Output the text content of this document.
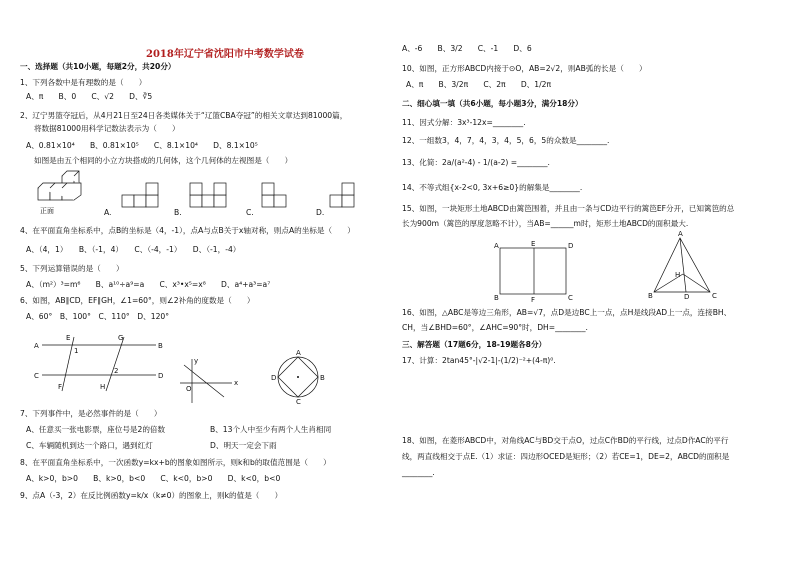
2018年辽宁省沈阳市中考数学试卷
一、选择题（共10小题，每题2分，共20分）
1、下列各数中是有理数的是（　　）
A、π　　B、0　　C、√2　　D、∛5
2、辽宁男篮夺冠后，从4月21日至24日各类媒体关于“辽篮CBA夺冠”的相关文章达到81000篇，
将数据81000用科学记数法表示为（　　）
A、0.81×10⁴　　B、0.81×10⁵　　C、8.1×10⁴　　D、8.1×10⁵
如图是由五个相同的小立方块搭成的几何体，这个几何体的左视图是（　　）
正面	A.	B.	C.	D.
4、在平面直角坐标系中，点B的坐标是（4，-1），点A与点B关于x轴对称，则点A的坐标是（　　）
A、（4，1）　　B、（-1，4）　　C、（-4，-1）　　D、（-1，-4）
5、下列运算错误的是（　　）
A、（m²）³=m⁶　　B、a¹⁰÷a⁹=a　　C、x³•x⁵=x⁸　　D、a⁴+a³=a⁷
6、如图，AB∥CD，EF∥GH，∠1=60°，则∠2补角的度数是（　　）
A、60°　B、100°　C、110°　D、120°
A	B
C	D
E
F
G
H
1
2
x
y
O
A
B
C
D
7、下列事件中，是必然事件的是（　　）
A、任意买一张电影票，座位号是2的倍数	B、13个人中至少有两个人生肖相同
C、车辆随机到达一个路口，遇到红灯	D、明天一定会下雨
8、在平面直角坐标系中，一次函数y=kx+b的图象如图所示，则k和b的取值范围是（　　）
A、k>0，b>0　　B、k>0，b<0　　C、k<0，b>0　　D、k<0，b<0
9、点A（-3，2）在反比例函数y=k/x（k≠0）的图象上，则k的值是（　　）
A、-6　　B、3/2　　C、-1　　D、6
10、如图，正方形ABCD内接于⊙O，AB=2√2，则AB弧的长是（　　）
A、π　　B、3/2π　　C、2π　　D、1/2π
二、细心填一填（共6小题，每小题3分，满分18分）
11、因式分解：3x³-12x=________.
12、一组数3，4，7，4，3，4，5，6，5的众数是________.
13、化简：2a/(a²-4) - 1/(a-2) =________.
14、不等式组{x-2<0, 3x+6≥0}的解集是________.
15、如图，一块矩形土地ABCD由篱笆围着，并且由一条与CD边平行的篱笆EF分开，已知篱笆的总
长为900m（篱笆的厚度忽略不计），当AB=______m时，矩形土地ABCD的面积最大.
A	E	D
B	F	C
A
B	D	C
H
16、如图，△ABC是等边三角形，AB=√7，点D是边BC上一点，点H是线段AD上一点，连接BH、
CH，当∠BHD=60°，∠AHC=90°时，DH=________.
三、解答题（17题6分，18-19题各8分）
17、计算：2tan45°-|√2-1|-(1/2)⁻²+(4-π)⁰.
18、如图，在菱形ABCD中，对角线AC与BD交于点O，过点C作BD的平行线，过点D作AC的平行
线，两直线相交于点E.（1）求证：四边形OCED是矩形；（2）若CE=1，DE=2，ABCD的面积是
________.
